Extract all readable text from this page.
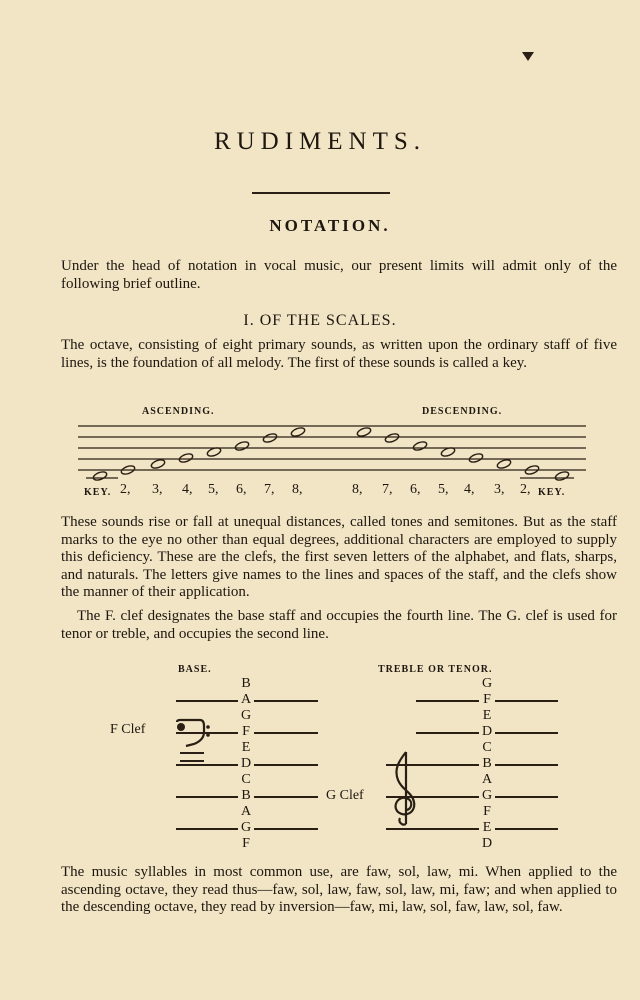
RUDIMENTS.
NOTATION.
Under the head of notation in vocal music, our present limits will admit only of the following brief outline.
I. OF THE SCALES.
The octave, consisting of eight primary sounds, as written upon the ordinary staff of five lines, is the foundation of all melody. The first of these sounds is called a key.
ASCENDING.	DESCENDING.
KEY. 2, 3, 4, 5, 6, 7, 8,	8, 7, 6, 5, 4, 3, 2, KEY.
These sounds rise or fall at unequal distances, called tones and semitones. But as the staff marks to the eye no other than equal degrees, additional characters are employed to supply this deficiency. These are the clefs, the first seven letters of the alphabet, and flats, sharps, and naturals. The letters give names to the lines and spaces of the staff, and the clefs show the manner of their application.
The F. clef designates the base staff and occupies the fourth line. The G. clef is used for tenor or treble, and occupies the second line.
BASE.	TREBLE OR TENOR.
B
A
G
F
E
D
C
B
A
G
F
F Clef
G
F
E
D
C
B
A
G
F
E
D
G Clef
The music syllables in most common use, are faw, sol, law, mi. When applied to the ascending octave, they read thus—faw, sol, law, faw, sol, law, mi, faw; and when applied to the descending octave, they read by inversion—faw, mi, law, sol, faw, law, sol, faw.
